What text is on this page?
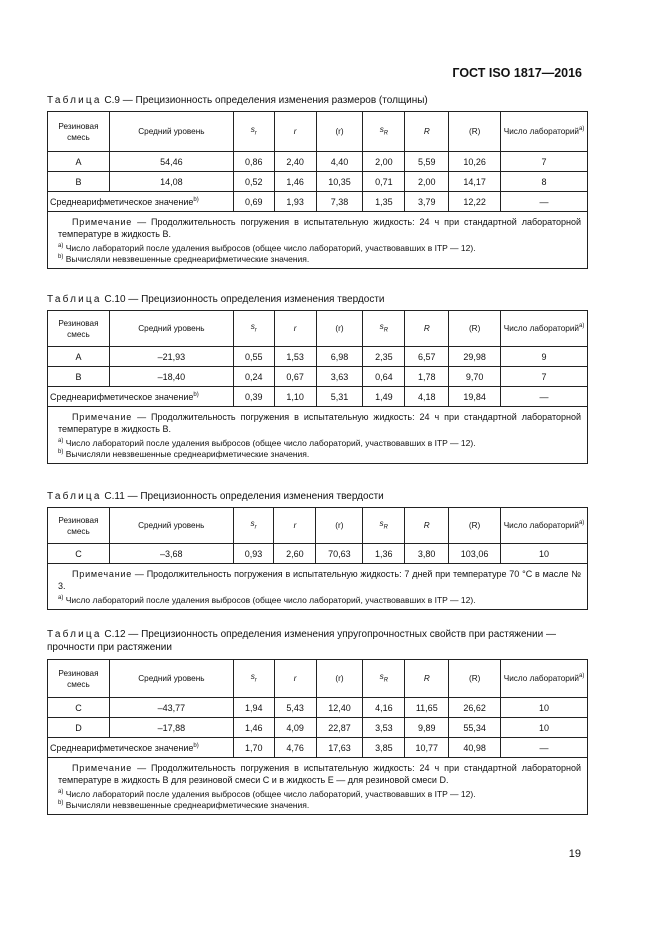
ГОСТ ISO 1817—2016
Таблица С.9 — Прецизионность определения изменения размеров (толщины)
Резиновая смесь	Средний уровень	$s_r$	r	(r)	$s_R$	R	(R)	Число лабораторий$^{a)}$
A	54,46	0,86	2,40	4,40	2,00	5,59	10,26	7
B	14,08	0,52	1,46	10,35	0,71	2,00	14,17	8
Среднеарифметическое значение$^{b)}$		0,69	1,93	7,38	1,35	3,79	12,22	—

Примечание — Продолжительность погружения в испытательную жидкость: 24 ч при стандартной лабораторной температуре в жидкость B.

$^{a)}$ Число лабораторий после удаления выбросов (общее число лабораторий, участвовавших в ITP — 12).

$^{b)}$ Вычисляли невзвешенные среднеарифметические значения.								

Таблица С.10 — Прецизионность определения изменения твердости
Резиновая смесь	Средний уровень	$s_r$	r	(r)	$s_R$	R	(R)	Число лабораторий$^{a)}$
A	–21,93	0,55	1,53	6,98	2,35	6,57	29,98	9
B	–18,40	0,24	0,67	3,63	0,64	1,78	9,70	7
Среднеарифметическое значение$^{b)}$		0,39	1,10	5,31	1,49	4,18	19,84	—

Примечание — Продолжительность погружения в испытательную жидкость: 24 ч при стандартной лабораторной температуре в жидкость B.

$^{a)}$ Число лабораторий после удаления выбросов (общее число лабораторий, участвовавших в ITP — 12).

$^{b)}$ Вычисляли невзвешенные среднеарифметические значения.								

Таблица С.11 — Прецизионность определения изменения твердости
Резиновая смесь	Средний уровень	$s_r$	r	(r)	$s_R$	R	(R)	Число лабораторий$^{a)}$
C	–3,68	0,93	2,60	70,63	1,36	3,80	103,06	10

Примечание — Продолжительность погружения в испытательную жидкость: 7 дней при температуре 70 °С в масле № 3.

$^{a)}$ Число лабораторий после удаления выбросов (общее число лабораторий, участвовавших в ITP — 12).								

Таблица С.12 — Прецизионность определения изменения упругопрочностных свойств при растяжении — прочности при растяжении
Резиновая смесь	Средний уровень	$s_r$	r	(r)	$s_R$	R	(R)	Число лабораторий$^{a)}$
C	–43,77	1,94	5,43	12,40	4,16	11,65	26,62	10
D	–17,88	1,46	4,09	22,87	3,53	9,89	55,34	10
Среднеарифметическое значение$^{b)}$		1,70	4,76	17,63	3,85	10,77	40,98	—

Примечание — Продолжительность погружения в испытательную жидкость: 24 ч при стандартной лабораторной температуре в жидкость B для резиновой смеси C и в жидкость E — для резиновой смеси D.

$^{a)}$ Число лабораторий после удаления выбросов (общее число лабораторий, участвовавших в ITP — 12).

$^{b)}$ Вычисляли невзвешенные среднеарифметические значения.								

19
